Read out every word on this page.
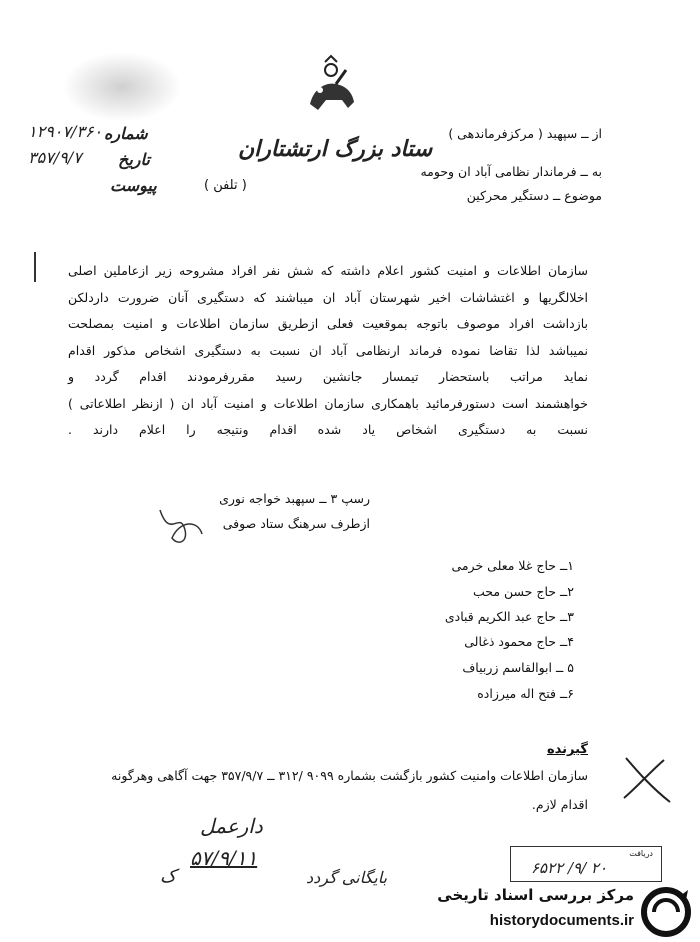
از ــ سپهبد ( مرکزفرماندهی )
به ــ فرماندار نظامی آباد ان وحومه
موضوع ــ دستگیر محرکین
ستاد بزرگ ارتشتاران
( تلفن )
شماره
۱۲۹۰۷/۳۶۰
تاریخ
۳۵۷/۹/۷
پیوست
سازمان اطلاعات و امنیت کشور اعلام داشته که شش نفر افراد مشروحه زیر ازعاملین اصلی
اخلالگریها و اغتشاشات اخیر شهرستان آباد ان میباشند که دستگیری آنان ضرورت داردلکن
بازداشت افراد موصوف باتوجه بموقعیت فعلی ازطریق سازمان اطلاعات و امنیت بمصلحت
نمیباشد لذا تقاضا نموده فرماند ارنظامی آباد ان نسبت به دستگیری اشخاص مذکور اقدام
نماید مراتب باستحضار تیمسار جانشین رسید مقررفرمودند اقدام گردد و
خواهشمند است دستورفرمائید باهمکاری سازمان اطلاعات و امنیت آباد ان ( ازنظر اطلاعاتی )
نسبت به دستگیری اشخاص یاد شده اقدام ونتیجه را اعلام دارند .
رسپ ۳ ــ سپهبد خواجه نوری
ازطرف سرهنگ ستاد صوفی
۱ــ حاج غلا معلی خرمی
۲ــ حاج حسن محب
۳ــ حاج عبد الکریم قبادی
۴ــ حاج محمود ذغالی
۵ ــ ابوالقاسم زربیاف
۶ــ فتح اله میرزاده
گیرنده
سازمان اطلاعات وامنیت کشور بازگشت بشماره ۹۰۹۹ /۳۱۲ ــ ۳۵۷/۹/۷ جهت آگاهی وهرگونه
اقدام لازم.
دارعمل
۵۷/۹/۱۱
ک	بایگانی گردد
دریافت
۶۵۲۲ /۹/ ۲۰
مرکز بررسی اسناد تاریخی
historydocuments.ir
